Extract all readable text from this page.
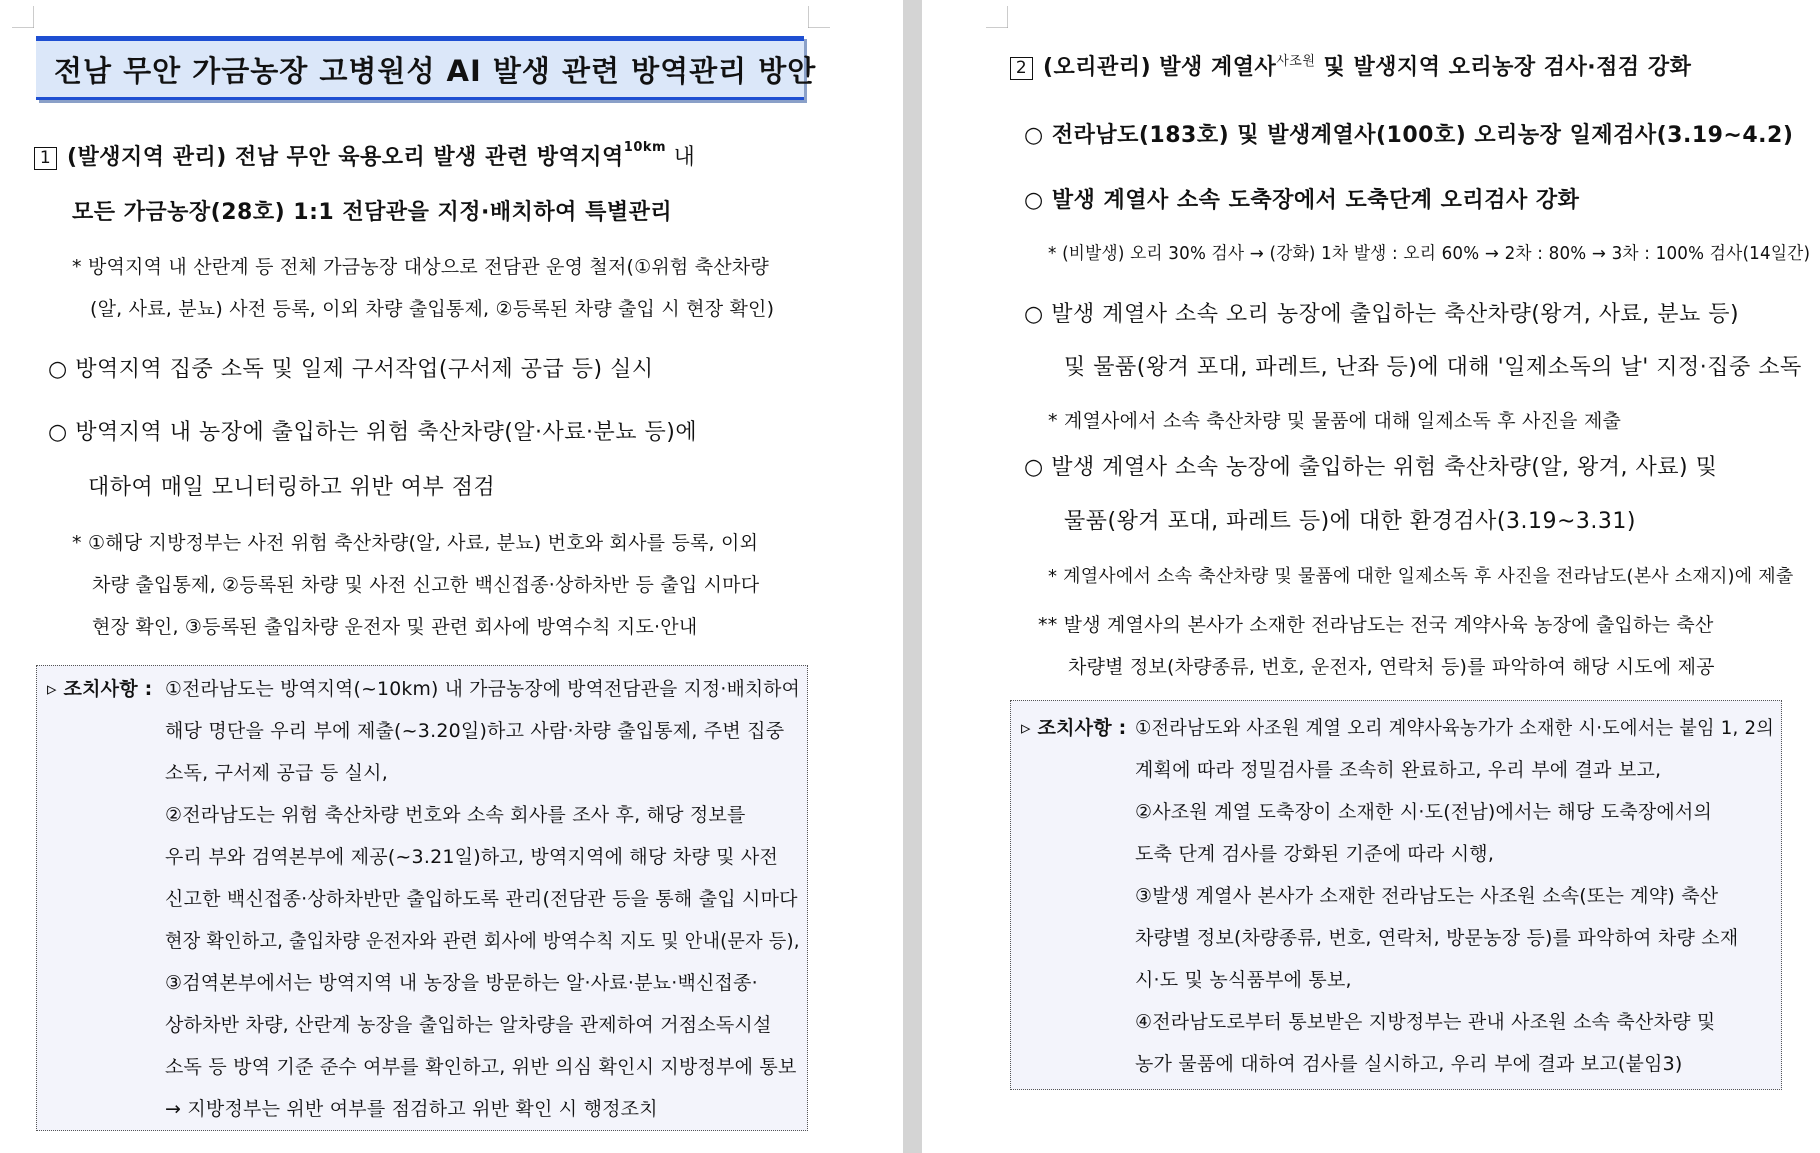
전남 무안 가금농장 고병원성 AI 발생 관련 방역관리 방안
1 (발생지역 관리) 전남 무안 육용오리 발생 관련 방역지역$^{10km}$ 내
모든 가금농장(28호) 1:1 전담관을 지정·배치하여 특별관리
* 방역지역 내 산란계 등 전체 가금농장 대상으로 전담관 운영 철저(①위험 축산차량
(알, 사료, 분뇨) 사전 등록, 이외 차량 출입통제, ②등록된 차량 출입 시 현장 확인)
○ 방역지역 집중 소독 및 일제 구서작업(구서제 공급 등) 실시
○ 방역지역 내 농장에 출입하는 위험 축산차량(알·사료·분뇨 등)에
대하여 매일 모니터링하고 위반 여부 점검
* ①해당 지방정부는 사전 위험 축산차량(알, 사료, 분뇨) 번호와 회사를 등록, 이외
차량 출입통제, ②등록된 차량 및 사전 신고한 백신접종·상하차반 등 출입 시마다
현장 확인, ③등록된 출입차량 운전자 및 관련 회사에 방역수칙 지도·안내
▹ 조치사항 : ①전라남도는 방역지역(~10km) 내 가금농장에 방역전담관을 지정·배치하여
해당 명단을 우리 부에 제출(~3.20일)하고 사람·차량 출입통제, 주변 집중
소독, 구서제 공급 등 실시,
②전라남도는 위험 축산차량 번호와 소속 회사를 조사 후, 해당 정보를
우리 부와 검역본부에 제공(~3.21일)하고, 방역지역에 해당 차량 및 사전
신고한 백신접종·상하차반만 출입하도록 관리(전담관 등을 통해 출입 시마다
현장 확인하고, 출입차량 운전자와 관련 회사에 방역수칙 지도 및 안내(문자 등),
③검역본부에서는 방역지역 내 농장을 방문하는 알·사료·분뇨·백신접종·
상하차반 차량, 산란계 농장을 출입하는 알차량을 관제하여 거점소독시설
소독 등 방역 기준 준수 여부를 확인하고, 위반 의심 확인시 지방정부에 통보
→ 지방정부는 위반 여부를 점검하고 위반 확인 시 행정조치
2 (오리관리) 발생 계열사$^{사조원}$ 및 발생지역 오리농장 검사·점검 강화
○ 전라남도(183호) 및 발생계열사(100호) 오리농장 일제검사(3.19~4.2)
○ 발생 계열사 소속 도축장에서 도축단계 오리검사 강화
* (비발생) 오리 30% 검사 → (강화) 1차 발생 : 오리 60% → 2차 : 80% → 3차 : 100% 검사(14일간)
○ 발생 계열사 소속 오리 농장에 출입하는 축산차량(왕겨, 사료, 분뇨 등)
및 물품(왕겨 포대, 파레트, 난좌 등)에 대해 '일제소독의 날' 지정·집중 소독
* 계열사에서 소속 축산차량 및 물품에 대해 일제소독 후 사진을 제출
○ 발생 계열사 소속 농장에 출입하는 위험 축산차량(알, 왕겨, 사료) 및
물품(왕겨 포대, 파레트 등)에 대한 환경검사(3.19~3.31)
* 계열사에서 소속 축산차량 및 물품에 대한 일제소독 후 사진을 전라남도(본사 소재지)에 제출
** 발생 계열사의 본사가 소재한 전라남도는 전국 계약사육 농장에 출입하는 축산
차량별 정보(차량종류, 번호, 운전자, 연락처 등)를 파악하여 해당 시도에 제공
▹ 조치사항 : ①전라남도와 사조원 계열 오리 계약사육농가가 소재한 시·도에서는 붙임 1, 2의
계획에 따라 정밀검사를 조속히 완료하고, 우리 부에 결과 보고,
②사조원 계열 도축장이 소재한 시·도(전남)에서는 해당 도축장에서의
도축 단계 검사를 강화된 기준에 따라 시행,
③발생 계열사 본사가 소재한 전라남도는 사조원 소속(또는 계약) 축산
차량별 정보(차량종류, 번호, 연락처, 방문농장 등)를 파악하여 차량 소재
시·도 및 농식품부에 통보,
④전라남도로부터 통보받은 지방정부는 관내 사조원 소속 축산차량 및
농가 물품에 대하여 검사를 실시하고, 우리 부에 결과 보고(붙임3)
